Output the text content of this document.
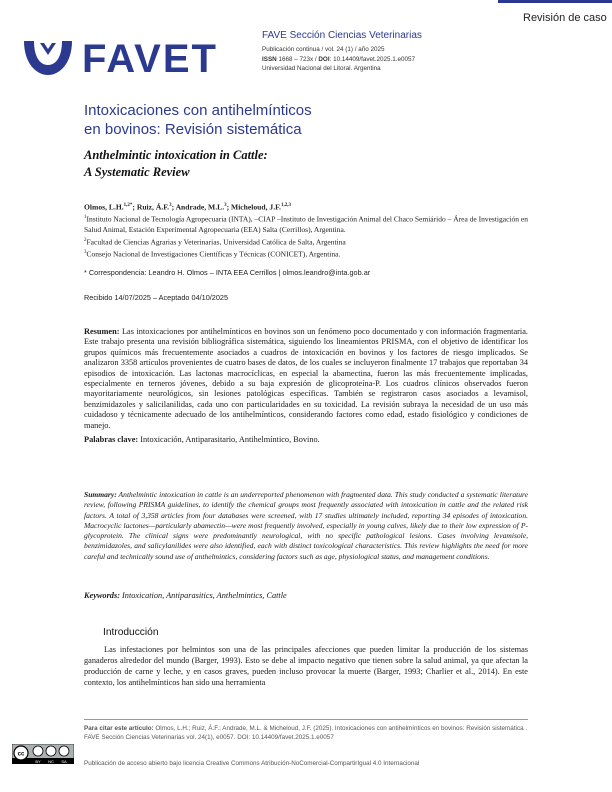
Revisión de caso
FAVET
FAVE Sección Ciencias Veterinarias
Publicación continua / vol. 24 (1) / año 2025
ISSN 1668 – 723x / DOI: 10.14409/favet.2025.1.e0057
Universidad Nacional del Litoral. Argentina
Intoxicaciones con antihelmínticos
en bovinos: Revisión sistemática
Anthelmintic intoxication in Cattle:
A Systematic Review
Olmos, L.H.$^{1,2*}$; Ruiz, Á.F.$^3$; Andrade, M.L.$^3$; Micheloud, J.F.$^{1,2,3}$
$^1$Instituto Nacional de Tecnología Agropecuaria (INTA), –CIAP –Instituto de Investigación Animal del Chaco Semiárido – Área de Investigación en Salud Animal, Estación Experimental Agropecuaria (EEA) Salta (Cerrillos), Argentina.
$^2$Facultad de Ciencias Agrarias y Veterinarias, Universidad Católica de Salta, Argentina
$^3$Consejo Nacional de Investigaciones Científicas y Técnicas (CONICET), Argentina.
* Correspondencia: Leandro H. Olmos – INTA EEA Cerrillos | olmos.leandro@inta.gob.ar
Recibido 14/07/2025 – Aceptado 04/10/2025
Resumen: Las intoxicaciones por antihelmínticos en bovinos son un fenómeno poco documentado y con información fragmentaria. Este trabajo presenta una revisión bibliográfica sistemática, siguiendo los lineamientos PRISMA, con el objetivo de identificar los grupos químicos más frecuentemente asociados a cuadros de intoxicación en bovinos y los factores de riesgo implicados. Se analizaron 3358 artículos provenientes de cuatro bases de datos, de los cuales se incluyeron finalmente 17 trabajos que reportaban 34 episodios de intoxicación. Las lactonas macrocíclicas, en especial la abamectina, fueron las más frecuentemente implicadas, especialmente en terneros jóvenes, debido a su baja expresión de glicoproteína-P. Los cuadros clínicos observados fueron mayoritariamente neurológicos, sin lesiones patológicas específicas. También se registraron casos asociados a levamisol, benzimidazoles y salicilanilidas, cada uno con particularidades en su toxicidad. La revisión subraya la necesidad de un uso más cuidadoso y técnicamente adecuado de los antihelmínticos, considerando factores como edad, estado fisiológico y condiciones de manejo.
Palabras clave: Intoxicación, Antiparasitario, Antihelmíntico, Bovino.
Summary: Anthelmintic intoxication in cattle is an underreported phenomenon with fragmented data. This study conducted a systematic literature review, following PRISMA guidelines, to identify the chemical groups most frequently associated with intoxication in cattle and the related risk factors. A total of 3,358 articles from four databases were screened, with 17 studies ultimately included, reporting 34 episodes of intoxication. Macrocyclic lactones—particularly abamectin—were most frequently involved, especially in young calves, likely due to their low expression of P-glycoprotein. The clinical signs were predominantly neurological, with no specific pathological lesions. Cases involving levamisole, benzimidazoles, and salicylanilides were also identified, each with distinct toxicological characteristics. This review highlights the need for more careful and technically sound use of anthelmintics, considering factors such as age, physiological status, and management conditions.
Keywords: Intoxication, Antiparasitics, Anthelmintics, Cattle
Introducción
Las infestaciones por helmintos son una de las principales afecciones que pueden limitar la producción de los sistemas ganaderos alrededor del mundo (Barger, 1993). Esto se debe al impacto negativo que tienen sobre la salud animal, ya que afectan la producción de carne y leche, y en casos graves, pueden incluso provocar la muerte (Barger, 1993; Charlier et al., 2014). En este contexto, los antihelmínticos han sido una herramienta
Para citar este artículo: Olmos, L.H.; Ruiz, Á.F.; Andrade, M.L. & Micheloud, J.F. (2025). Intoxicaciones con antihelmínticos en bovinos: Revisión sistemática . FAVE Sección Ciencias Veterinarias vol. 24(1), e0057. DOI: 10.14409/favet.2025.1.e0057
cc
BY NC SA	Publicación de acceso abierto bajo licencia Creative Commons Atribución-NoComercial-CompartirIgual 4.0 Internacional
